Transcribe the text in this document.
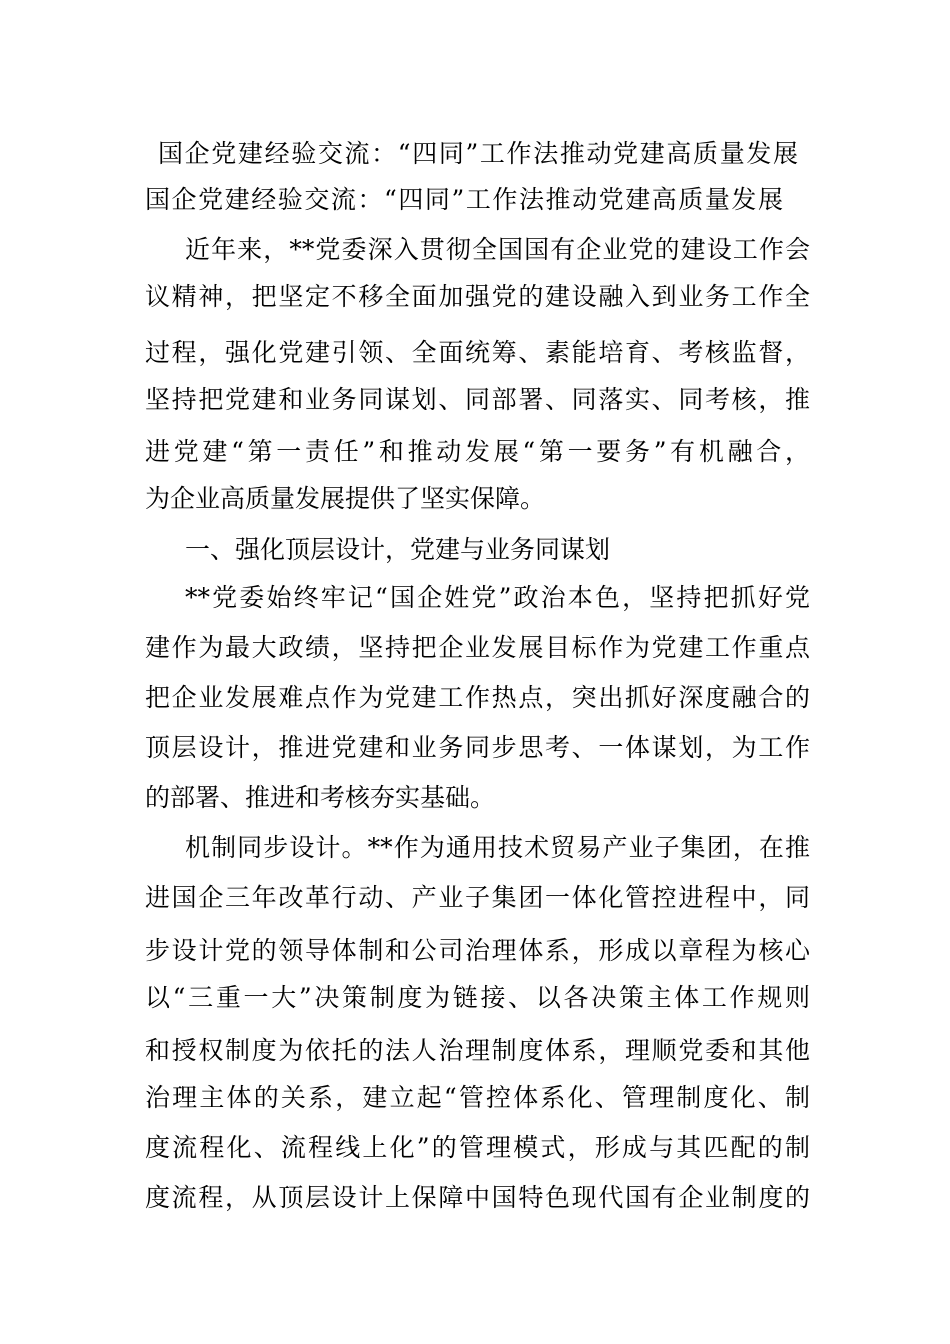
国企党建经验交流：“四同”工作法推动党建高质量发展
国企党建经验交流：“四同”工作法推动党建高质量发展
近年来，**党委深入贯彻全国国有企业党的建设工作会
议精神，把坚定不移全面加强党的建设融入到业务工作全
过程，强化党建引领、全面统筹、素能培育、考核监督，
坚持把党建和业务同谋划、同部署、同落实、同考核，推
进党建“第一责任”和推动发展“第一要务”有机融合，
为企业高质量发展提供了坚实保障。
一、强化顶层设计，党建与业务同谋划
**党委始终牢记“国企姓党”政治本色，坚持把抓好党
建作为最大政绩，坚持把企业发展目标作为党建工作重点
把企业发展难点作为党建工作热点，突出抓好深度融合的
顶层设计，推进党建和业务同步思考、一体谋划，为工作
的部署、推进和考核夯实基础。
机制同步设计。**作为通用技术贸易产业子集团，在推
进国企三年改革行动、产业子集团一体化管控进程中，同
步设计党的领导体制和公司治理体系，形成以章程为核心
以“三重一大”决策制度为链接、以各决策主体工作规则
和授权制度为依托的法人治理制度体系，理顺党委和其他
治理主体的关系，建立起“管控体系化、管理制度化、制
度流程化、流程线上化”的管理模式，形成与其匹配的制
度流程，从顶层设计上保障中国特色现代国有企业制度的
